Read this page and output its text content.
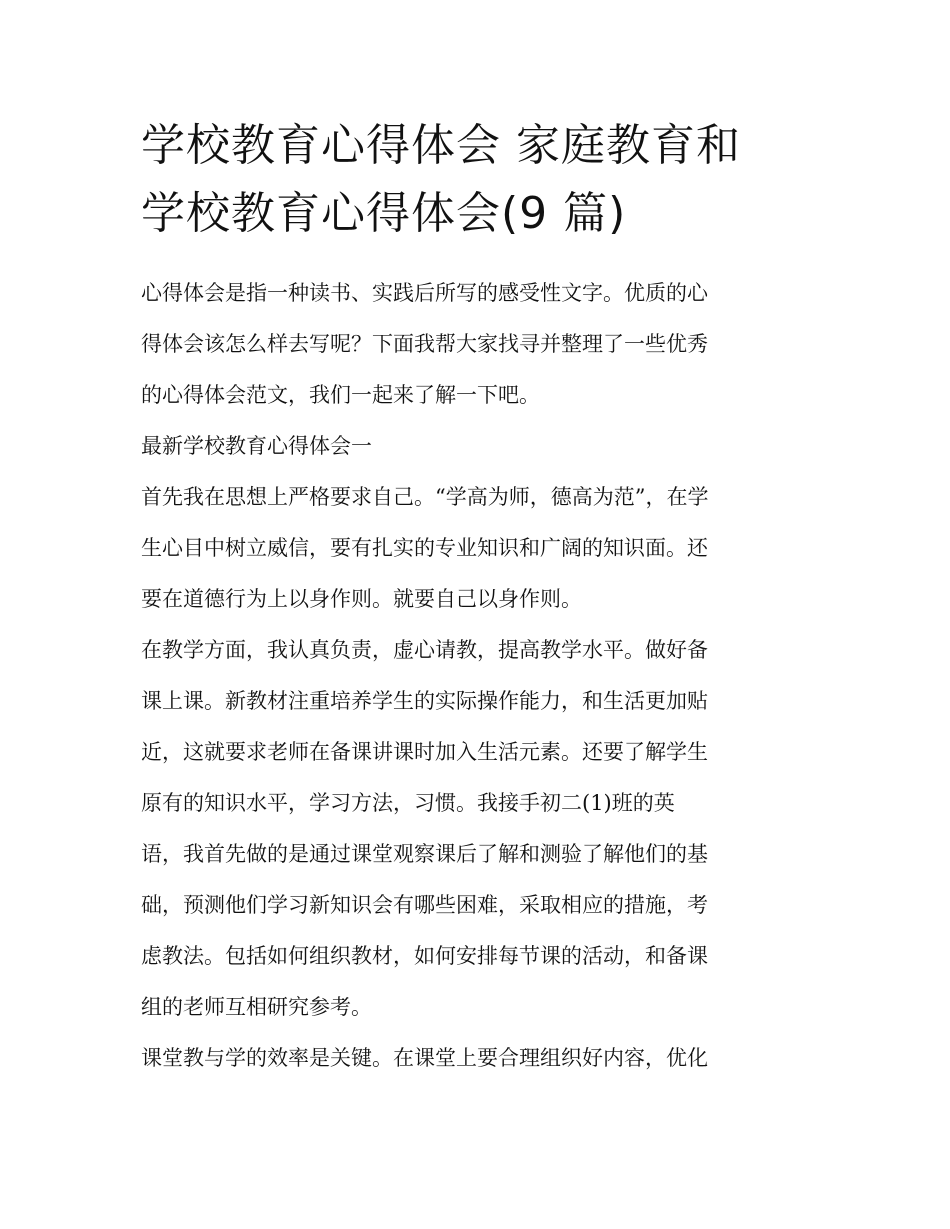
学校教育心得体会 家庭教育和
学校教育心得体会(9 篇)

心得体会是指一种读书、实践后所写的感受性文字。优质的心
得体会该怎么样去写呢？下面我帮大家找寻并整理了一些优秀
的心得体会范文，我们一起来了解一下吧。

最新学校教育心得体会一

首先我在思想上严格要求自己。“学高为师，德高为范”，在学
生心目中树立威信，要有扎实的专业知识和广阔的知识面。还
要在道德行为上以身作则。就要自己以身作则。

在教学方面，我认真负责，虚心请教，提高教学水平。做好备
课上课。新教材注重培养学生的实际操作能力，和生活更加贴
近，这就要求老师在备课讲课时加入生活元素。还要了解学生
原有的知识水平，学习方法，习惯。我接手初二(1)班的英
语，我首先做的是通过课堂观察课后了解和测验了解他们的基
础，预测他们学习新知识会有哪些困难，采取相应的措施，考
虑教法。包括如何组织教材，如何安排每节课的活动，和备课
组的老师互相研究参考。

课堂教与学的效率是关键。在课堂上要合理组织好内容，优化
